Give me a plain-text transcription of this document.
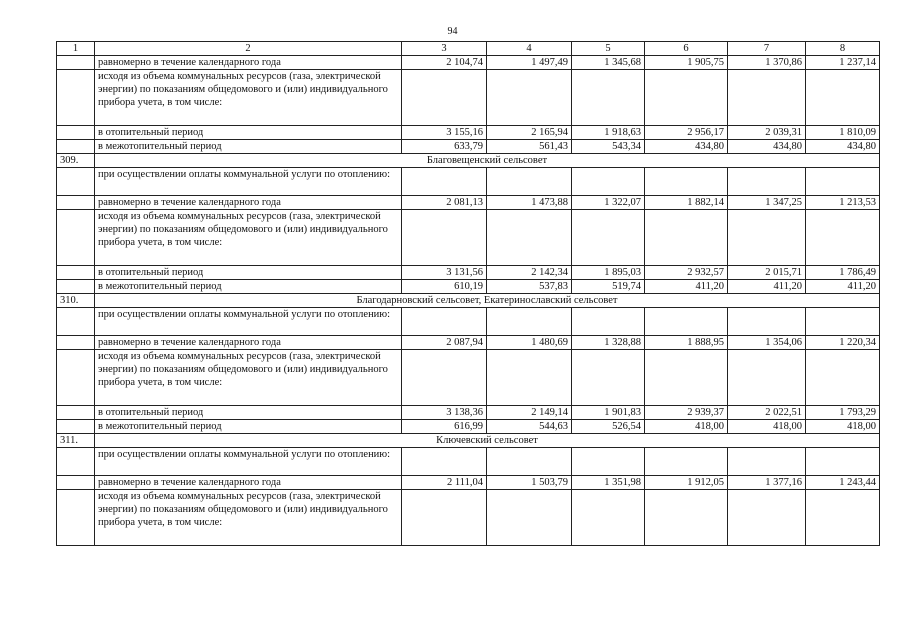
94
1	2	3	4	5	6	7	8
	равномерно в течение календарного года	2 104,74	1 497,49	1 345,68	1 905,75	1 370,86	1 237,14
	исходя из объема коммунальных ресурсов (газа, электрической энергии) по показаниям общедомового и (или) индивидуального прибора учета, в том числе:						
	в отопительный период	3 155,16	2 165,94	1 918,63	2 956,17	2 039,31	1 810,09
	в межотопительный период	633,79	561,43	543,34	434,80	434,80	434,80
309.	Благовещенский сельсовет						
	при осуществлении оплаты коммунальной услуги по отоплению:						
	равномерно в течение календарного года	2 081,13	1 473,88	1 322,07	1 882,14	1 347,25	1 213,53
	исходя из объема коммунальных ресурсов (газа, электрической энергии) по показаниям общедомового и (или) индивидуального прибора учета, в том числе:						
	в отопительный период	3 131,56	2 142,34	1 895,03	2 932,57	2 015,71	1 786,49
	в межотопительный период	610,19	537,83	519,74	411,20	411,20	411,20
310.	Благодарновский сельсовет, Екатеринославский сельсовет						
	при осуществлении оплаты коммунальной услуги по отоплению:						
	равномерно в течение календарного года	2 087,94	1 480,69	1 328,88	1 888,95	1 354,06	1 220,34
	исходя из объема коммунальных ресурсов (газа, электрической энергии) по показаниям общедомового и (или) индивидуального прибора учета, в том числе:						
	в отопительный период	3 138,36	2 149,14	1 901,83	2 939,37	2 022,51	1 793,29
	в межотопительный период	616,99	544,63	526,54	418,00	418,00	418,00
311.	Ключевский сельсовет						
	при осуществлении оплаты коммунальной услуги по отоплению:						
	равномерно в течение календарного года	2 111,04	1 503,79	1 351,98	1 912,05	1 377,16	1 243,44
	исходя из объема коммунальных ресурсов (газа, электрической энергии) по показаниям общедомового и (или) индивидуального прибора учета, в том числе:						
